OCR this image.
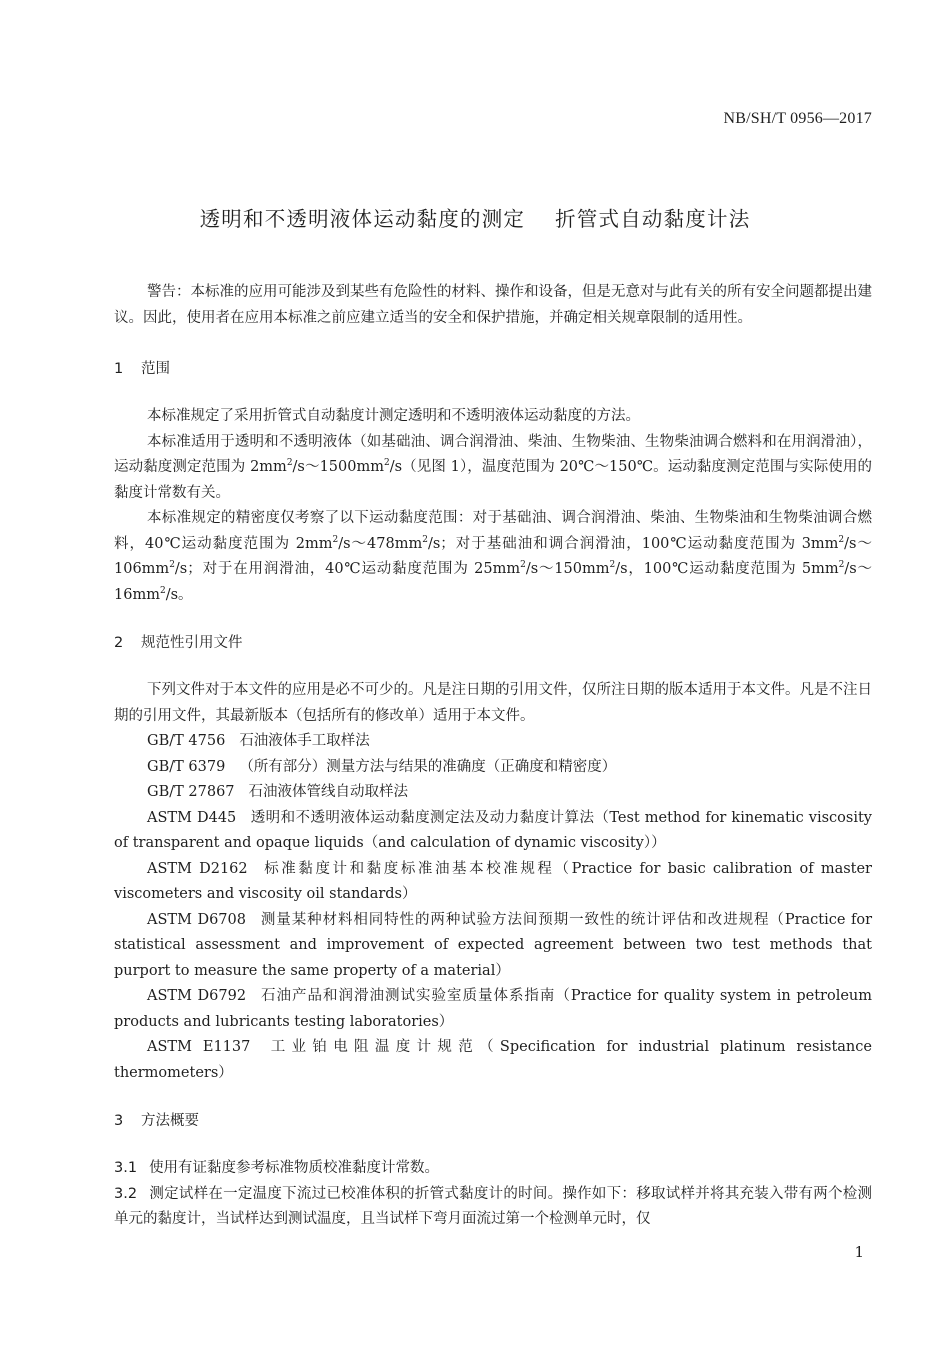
NB/SH/T 0956—2017
透明和不透明液体运动黏度的测定 折管式自动黏度计法

警告：本标准的应用可能涉及到某些有危险性的材料、操作和设备，但是无意对与此有关的所有安全问题都提出建议。因此，使用者在应用本标准之前应建立适当的安全和保护措施，并确定相关规章限制的适用性。

1 范围

本标准规定了采用折管式自动黏度计测定透明和不透明液体运动黏度的方法。

本标准适用于透明和不透明液体（如基础油、调合润滑油、柴油、生物柴油、生物柴油调合燃料和在用润滑油），运动黏度测定范围为 $2mm^2/s\sim 1500mm^2/s$（见图 1），温度范围为 20℃～150℃。运动黏度测定范围与实际使用的黏度计常数有关。

本标准规定的精密度仅考察了以下运动黏度范围：对于基础油、调合润滑油、柴油、生物柴油和生物柴油调合燃料，40℃运动黏度范围为 $2mm^2/s\sim 478mm^2/s$；对于基础油和调合润滑油，100℃运动黏度范围为 $3mm^2/s\sim 106mm^2/s$；对于在用润滑油，40℃运动黏度范围为 $25mm^2/s\sim 150mm^2/s$，100℃运动黏度范围为 $5mm^2/s\sim 16mm^2/s$。

2 规范性引用文件

下列文件对于本文件的应用是必不可少的。凡是注日期的引用文件，仅所注日期的版本适用于本文件。凡是不注日期的引用文件，其最新版本（包括所有的修改单）适用于本文件。

GB/T 4756 石油液体手工取样法
GB/T 6379 （所有部分）测量方法与结果的准确度（正确度和精密度）
GB/T 27867 石油液体管线自动取样法
ASTM D445 透明和不透明液体运动黏度测定法及动力黏度计算法（Test method for kinematic viscosity of transparent and opaque liquids（and calculation of dynamic viscosity））
ASTM D2162 标准黏度计和黏度标准油基本校准规程（Practice for basic calibration of master viscometers and viscosity oil standards）
ASTM D6708 测量某种材料相同特性的两种试验方法间预期一致性的统计评估和改进规程（Practice for statistical assessment and improvement of expected agreement between two test methods that purport to measure the same property of a material）
ASTM D6792 石油产品和润滑油测试实验室质量体系指南（Practice for quality system in petroleum products and lubricants testing laboratories）
ASTM E1137 工业铂电阻温度计规范（Specification for industrial platinum resistance thermometers）
3 方法概要

3.1 使用有证黏度参考标准物质校准黏度计常数。

3.2 测定试样在一定温度下流过已校准体积的折管式黏度计的时间。操作如下：移取试样并将其充装入带有两个检测单元的黏度计，当试样达到测试温度，且当试样下弯月面流过第一个检测单元时，仅

1
